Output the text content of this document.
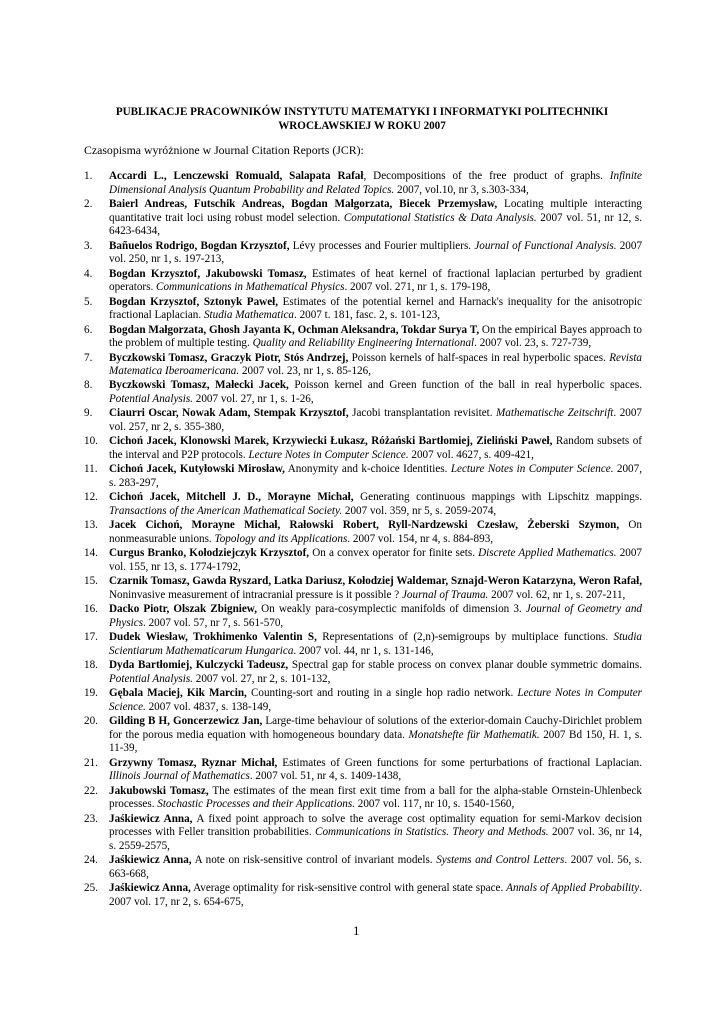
PUBLIKACJE PRACOWNIKÓW INSTYTUTU MATEMATYKI I INFORMATYKI POLITECHNIKI WROCŁAWSKIEJ W ROKU 2007
Czasopisma wyróżnione w Journal Citation Reports (JCR):
1. Accardi L., Lenczewski Romuald, Salapata Rafał, Decompositions of the free product of graphs. Infinite Dimensional Analysis Quantum Probability and Related Topics. 2007, vol.10, nr 3, s.303-334,
2. Baierl Andreas, Futschik Andreas, Bogdan Małgorzata, Biecek Przemysław, Locating multiple interacting quantitative trait loci using robust model selection. Computational Statistics & Data Analysis. 2007 vol. 51, nr 12, s. 6423-6434,
3. Bañuelos Rodrigo, Bogdan Krzysztof, Lévy processes and Fourier multipliers. Journal of Functional Analysis. 2007 vol. 250, nr 1, s. 197-213,
4. Bogdan Krzysztof, Jakubowski Tomasz, Estimates of heat kernel of fractional laplacian perturbed by gradient operators. Communications in Mathematical Physics. 2007 vol. 271, nr 1, s. 179-198,
5. Bogdan Krzysztof, Sztonyk Paweł, Estimates of the potential kernel and Harnack's inequality for the anisotropic fractional Laplacian. Studia Mathematica. 2007 t. 181, fasc. 2, s. 101-123,
6. Bogdan Małgorzata, Ghosh Jayanta K, Ochman Aleksandra, Tokdar Surya T, On the empirical Bayes approach to the problem of multiple testing. Quality and Reliability Engineering International. 2007 vol. 23, s. 727-739,
7. Byczkowski Tomasz, Graczyk Piotr, Stós Andrzej, Poisson kernels of half-spaces in real hyperbolic spaces. Revista Matematica Iberoamericana. 2007 vol. 23, nr 1, s. 85-126,
8. Byczkowski Tomasz, Małecki Jacek, Poisson kernel and Green function of the ball in real hyperbolic spaces. Potential Analysis. 2007 vol. 27, nr 1, s. 1-26,
9. Ciaurri Oscar, Nowak Adam, Stempak Krzysztof, Jacobi transplantation revisitet. Mathematische Zeitschrift. 2007 vol. 257, nr 2, s. 355-380,
10. Cichoń Jacek, Klonowski Marek, Krzywiecki Łukasz, Różański Bartłomiej, Zieliński Paweł, Random subsets of the interval and P2P protocols. Lecture Notes in Computer Science. 2007 vol. 4627, s. 409-421,
11. Cichoń Jacek, Kutyłowski Mirosław, Anonymity and k-choice Identities. Lecture Notes in Computer Science. 2007, s. 283-297,
12. Cichoń Jacek, Mitchell J. D., Morayne Michał, Generating continuous mappings with Lipschitz mappings. Transactions of the American Mathematical Society. 2007 vol. 359, nr 5, s. 2059-2074,
13. Jacek Cichoń, Morayne Michał, Rałowski Robert, Ryll-Nardzewski Czesław, Żeberski Szymon, On nonmeasurable unions. Topology and its Applications. 2007 vol. 154, nr 4, s. 884-893,
14. Curgus Branko, Kołodziejczyk Krzysztof, On a convex operator for finite sets. Discrete Applied Mathematics. 2007 vol. 155, nr 13, s. 1774-1792,
15. Czarnik Tomasz, Gawda Ryszard, Latka Dariusz, Kołodziej Waldemar, Sznajd-Weron Katarzyna, Weron Rafał, Noninvasive measurement of intracranial pressure is it possible ? Journal of Trauma. 2007 vol. 62, nr 1, s. 207-211,
16. Dacko Piotr, Olszak Zbigniew, On weakly para-cosymplectic manifolds of dimension 3. Journal of Geometry and Physics. 2007 vol. 57, nr 7, s. 561-570,
17. Dudek Wiesław, Trokhimenko Valentin S, Representations of (2,n)-semigroups by multiplace functions. Studia Scientiarum Mathematicarum Hungarica. 2007 vol. 44, nr 1, s. 131-146,
18. Dyda Bartłomiej, Kulczycki Tadeusz, Spectral gap for stable process on convex planar double symmetric domains. Potential Analysis. 2007 vol. 27, nr 2, s. 101-132,
19. Gębala Maciej, Kik Marcin, Counting-sort and routing in a single hop radio network. Lecture Notes in Computer Science. 2007 vol. 4837, s. 138-149,
20. Gilding B H, Goncerzewicz Jan, Large-time behaviour of solutions of the exterior-domain Cauchy-Dirichlet problem for the porous media equation with homogeneous boundary data. Monatshefte für Mathematik. 2007 Bd 150, H. 1, s. 11-39,
21. Grzywny Tomasz, Ryznar Michał, Estimates of Green functions for some perturbations of fractional Laplacian. Illinois Journal of Mathematics. 2007 vol. 51, nr 4, s. 1409-1438,
22. Jakubowski Tomasz, The estimates of the mean first exit time from a ball for the alpha-stable Ornstein-Uhlenbeck processes. Stochastic Processes and their Applications. 2007 vol. 117, nr 10, s. 1540-1560,
23. Jaśkiewicz Anna, A fixed point approach to solve the average cost optimality equation for semi-Markov decision processes with Feller transition probabilities. Communications in Statistics. Theory and Methods. 2007 vol. 36, nr 14, s. 2559-2575,
24. Jaśkiewicz Anna, A note on risk-sensitive control of invariant models. Systems and Control Letters. 2007 vol. 56, s. 663-668,
25. Jaśkiewicz Anna, Average optimality for risk-sensitive control with general state space. Annals of Applied Probability. 2007 vol. 17, nr 2, s. 654-675,
1
